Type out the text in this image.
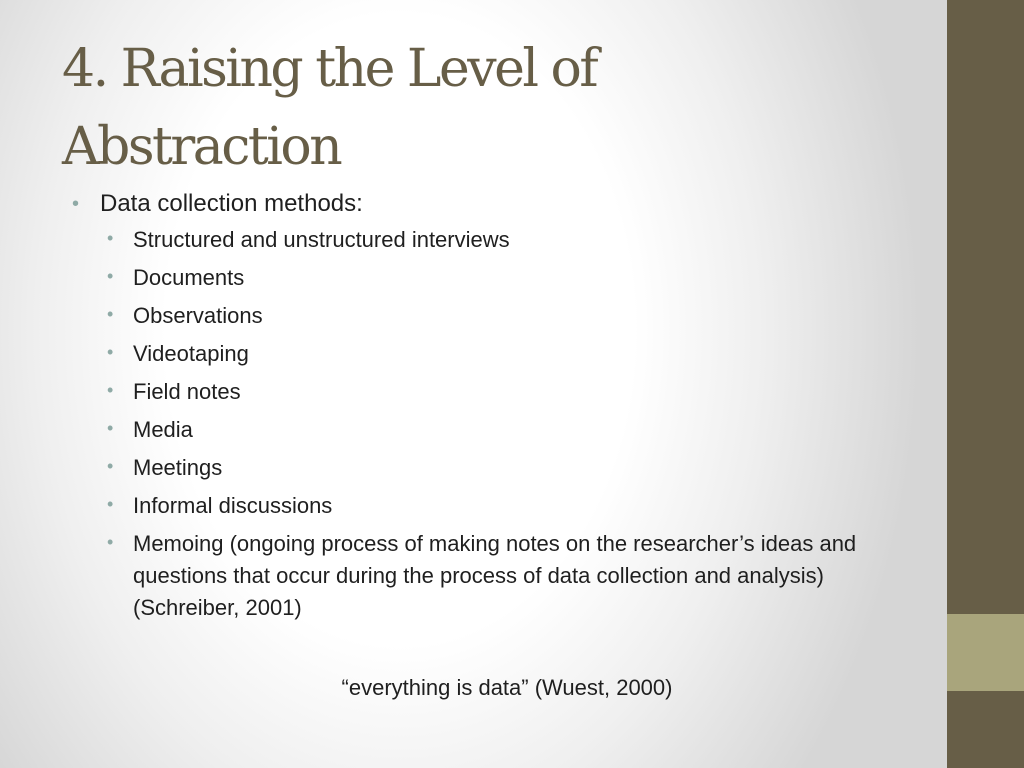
4. Raising the Level of Abstraction
• Data collection methods:
• Structured and unstructured interviews
• Documents
• Observations
• Videotaping
• Field notes
• Media
• Meetings
• Informal discussions
• Memoing (ongoing process of making notes on the researcher’s ideas and questions that occur during the process of data collection and analysis) (Schreiber, 2001)
“everything is data” (Wuest, 2000)
